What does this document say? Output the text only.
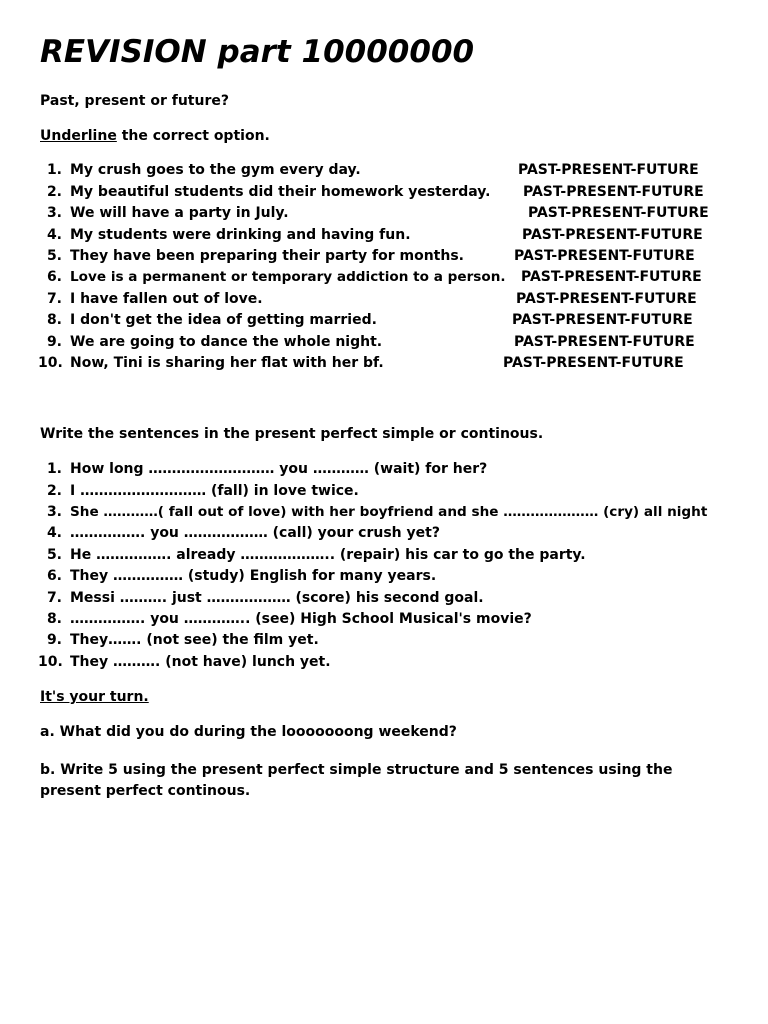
REVISION part 10000000
Past, present or future?
Underline the correct option.
1. My crush goes to the gym every day.	PAST-PRESENT-FUTURE
2. My beautiful students did their homework yesterday. PAST-PRESENT-FUTURE
3. We will have a party in July.	PAST-PRESENT-FUTURE
4. My students were drinking and having fun.	PAST-PRESENT-FUTURE
5. They have been preparing their party for months.	PAST-PRESENT-FUTURE
6. Love is a permanent or temporary addiction to a person. PAST-PRESENT-FUTURE
7. I have fallen out of love.	PAST-PRESENT-FUTURE
8. I don't get the idea of getting married.	PAST-PRESENT-FUTURE
9. We are going to dance the whole night.	PAST-PRESENT-FUTURE
10. Now, Tini is sharing her flat with her bf.	PAST-PRESENT-FUTURE
Write the sentences in the present perfect simple or continous.
1. How long ……………………… you ………… (wait) for her?
2. I ……………………… (fall) in love twice.
3. She …………( fall out of love) with her boyfriend and she ………………… (cry) all night
4. ……………. you ……………… (call) your crush yet?
5. He ……………. already ……………….. (repair) his car to go the party.
6. They …………… (study) English for many years.
7. Messi ………. just ……………… (score) his second goal.
8. ……………. you ………….. (see) High School Musical's movie?
9. They……. (not see) the film yet.
10. They ………. (not have) lunch yet.
It's your turn.
a. What did you do during the looooooong weekend?
b. Write 5 using the present perfect simple structure and 5 sentences using the present perfect continous.
